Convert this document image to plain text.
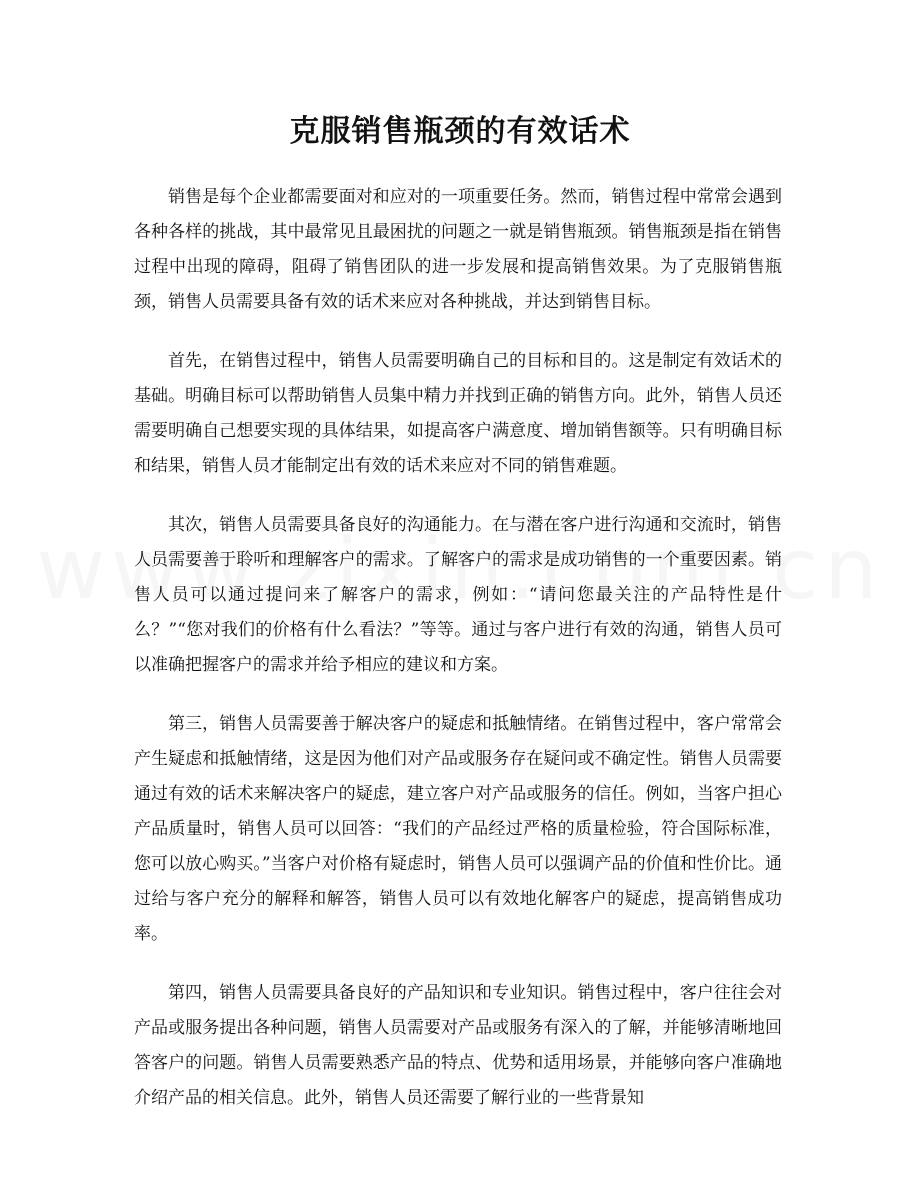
克服销售瓶颈的有效话术

销售是每个企业都需要面对和应对的一项重要任务。然而，销售过程中常常会遇到各种各样的挑战，其中最常见且最困扰的问题之一就是销售瓶颈。销售瓶颈是指在销售过程中出现的障碍，阻碍了销售团队的进一步发展和提高销售效果。为了克服销售瓶颈，销售人员需要具备有效的话术来应对各种挑战，并达到销售目标。

首先，在销售过程中，销售人员需要明确自己的目标和目的。这是制定有效话术的基础。明确目标可以帮助销售人员集中精力并找到正确的销售方向。此外，销售人员还需要明确自己想要实现的具体结果，如提高客户满意度、增加销售额等。只有明确目标和结果，销售人员才能制定出有效的话术来应对不同的销售难题。

其次，销售人员需要具备良好的沟通能力。在与潜在客户进行沟通和交流时，销售人员需要善于聆听和理解客户的需求。了解客户的需求是成功销售的一个重要因素。销售人员可以通过提问来了解客户的需求，例如：“请问您最关注的产品特性是什么？”“您对我们的价格有什么看法？”等等。通过与客户进行有效的沟通，销售人员可以准确把握客户的需求并给予相应的建议和方案。

第三，销售人员需要善于解决客户的疑虑和抵触情绪。在销售过程中，客户常常会产生疑虑和抵触情绪，这是因为他们对产品或服务存在疑问或不确定性。销售人员需要通过有效的话术来解决客户的疑虑，建立客户对产品或服务的信任。例如，当客户担心产品质量时，销售人员可以回答：“我们的产品经过严格的质量检验，符合国际标准，您可以放心购买。”当客户对价格有疑虑时，销售人员可以强调产品的价值和性价比。通过给与客户充分的解释和解答，销售人员可以有效地化解客户的疑虑，提高销售成功率。

第四，销售人员需要具备良好的产品知识和专业知识。销售过程中，客户往往会对产品或服务提出各种问题，销售人员需要对产品或服务有深入的了解，并能够清晰地回答客户的问题。销售人员需要熟悉产品的特点、优势和适用场景，并能够向客户准确地介绍产品的相关信息。此外，销售人员还需要了解行业的一些背景知
